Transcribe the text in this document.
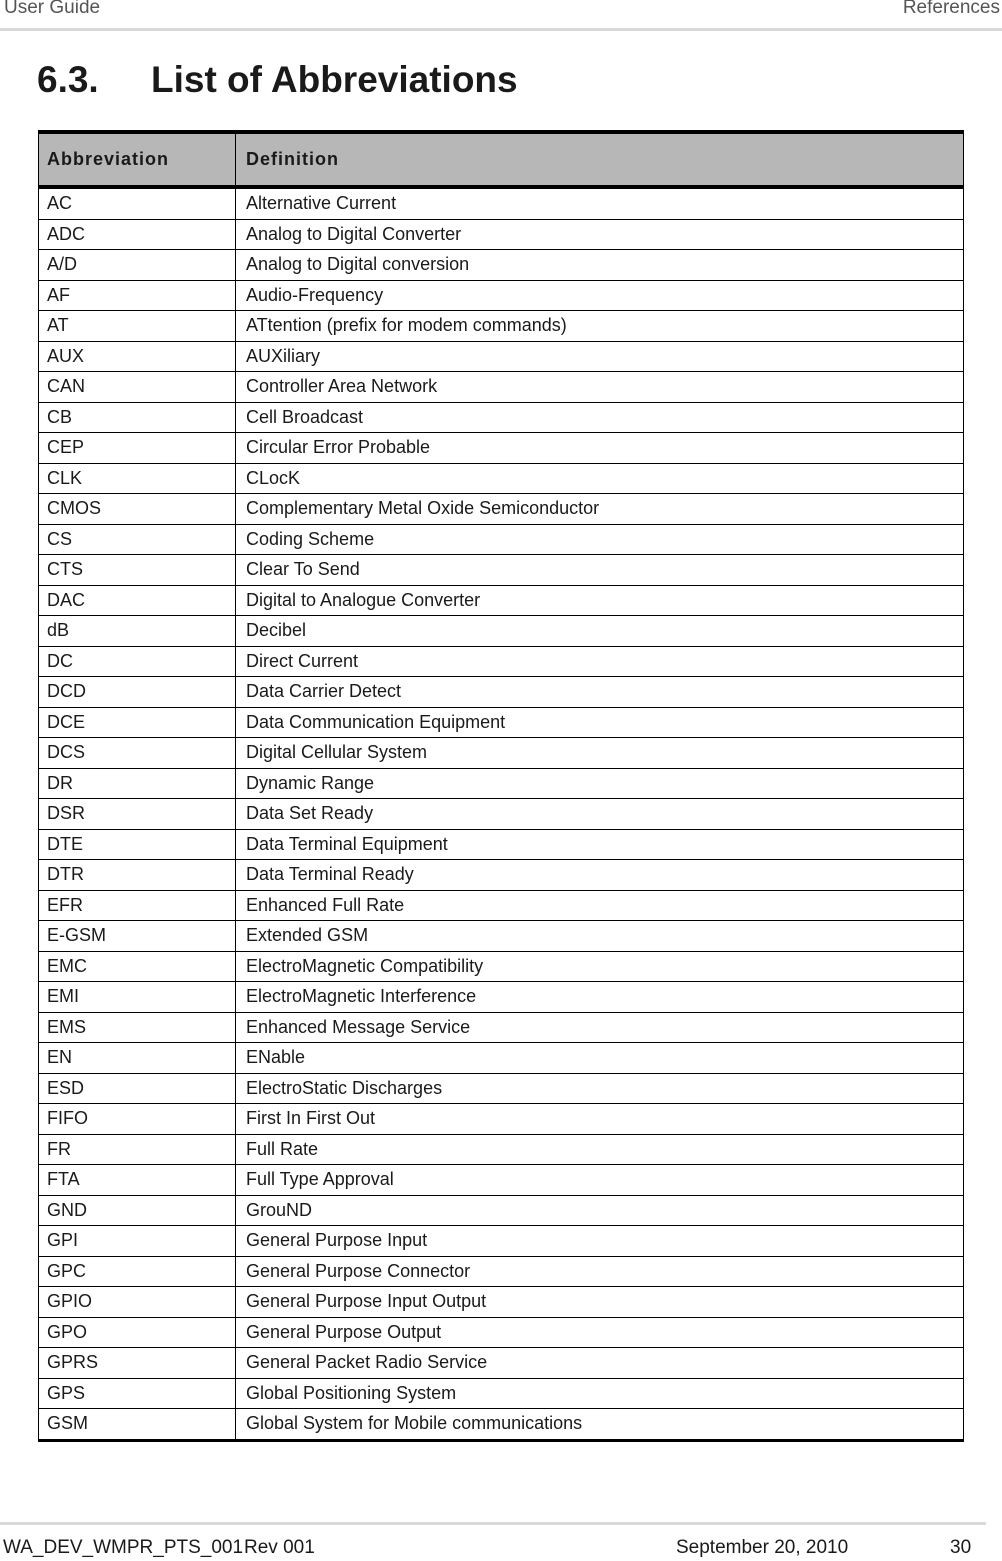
User Guide	References
6.3. List of Abbreviations
Abbreviation	Definition
AC	Alternative Current
ADC	Analog to Digital Converter
A/D	Analog to Digital conversion
AF	Audio-Frequency
AT	ATtention (prefix for modem commands)
AUX	AUXiliary
CAN	Controller Area Network
CB	Cell Broadcast
CEP	Circular Error Probable
CLK	CLocK
CMOS	Complementary Metal Oxide Semiconductor
CS	Coding Scheme
CTS	Clear To Send
DAC	Digital to Analogue Converter
dB	Decibel
DC	Direct Current
DCD	Data Carrier Detect
DCE	Data Communication Equipment
DCS	Digital Cellular System
DR	Dynamic Range
DSR	Data Set Ready
DTE	Data Terminal Equipment
DTR	Data Terminal Ready
EFR	Enhanced Full Rate
E-GSM	Extended GSM
EMC	ElectroMagnetic Compatibility
EMI	ElectroMagnetic Interference
EMS	Enhanced Message Service
EN	ENable
ESD	ElectroStatic Discharges
FIFO	First In First Out
FR	Full Rate
FTA	Full Type Approval
GND	GrouND
GPI	General Purpose Input
GPC	General Purpose Connector
GPIO	General Purpose Input Output
GPO	General Purpose Output
GPRS	General Packet Radio Service
GPS	Global Positioning System
GSM	Global System for Mobile communications
WA_DEV_WMPR_PTS_001 Rev 001	September 20, 2010	30
